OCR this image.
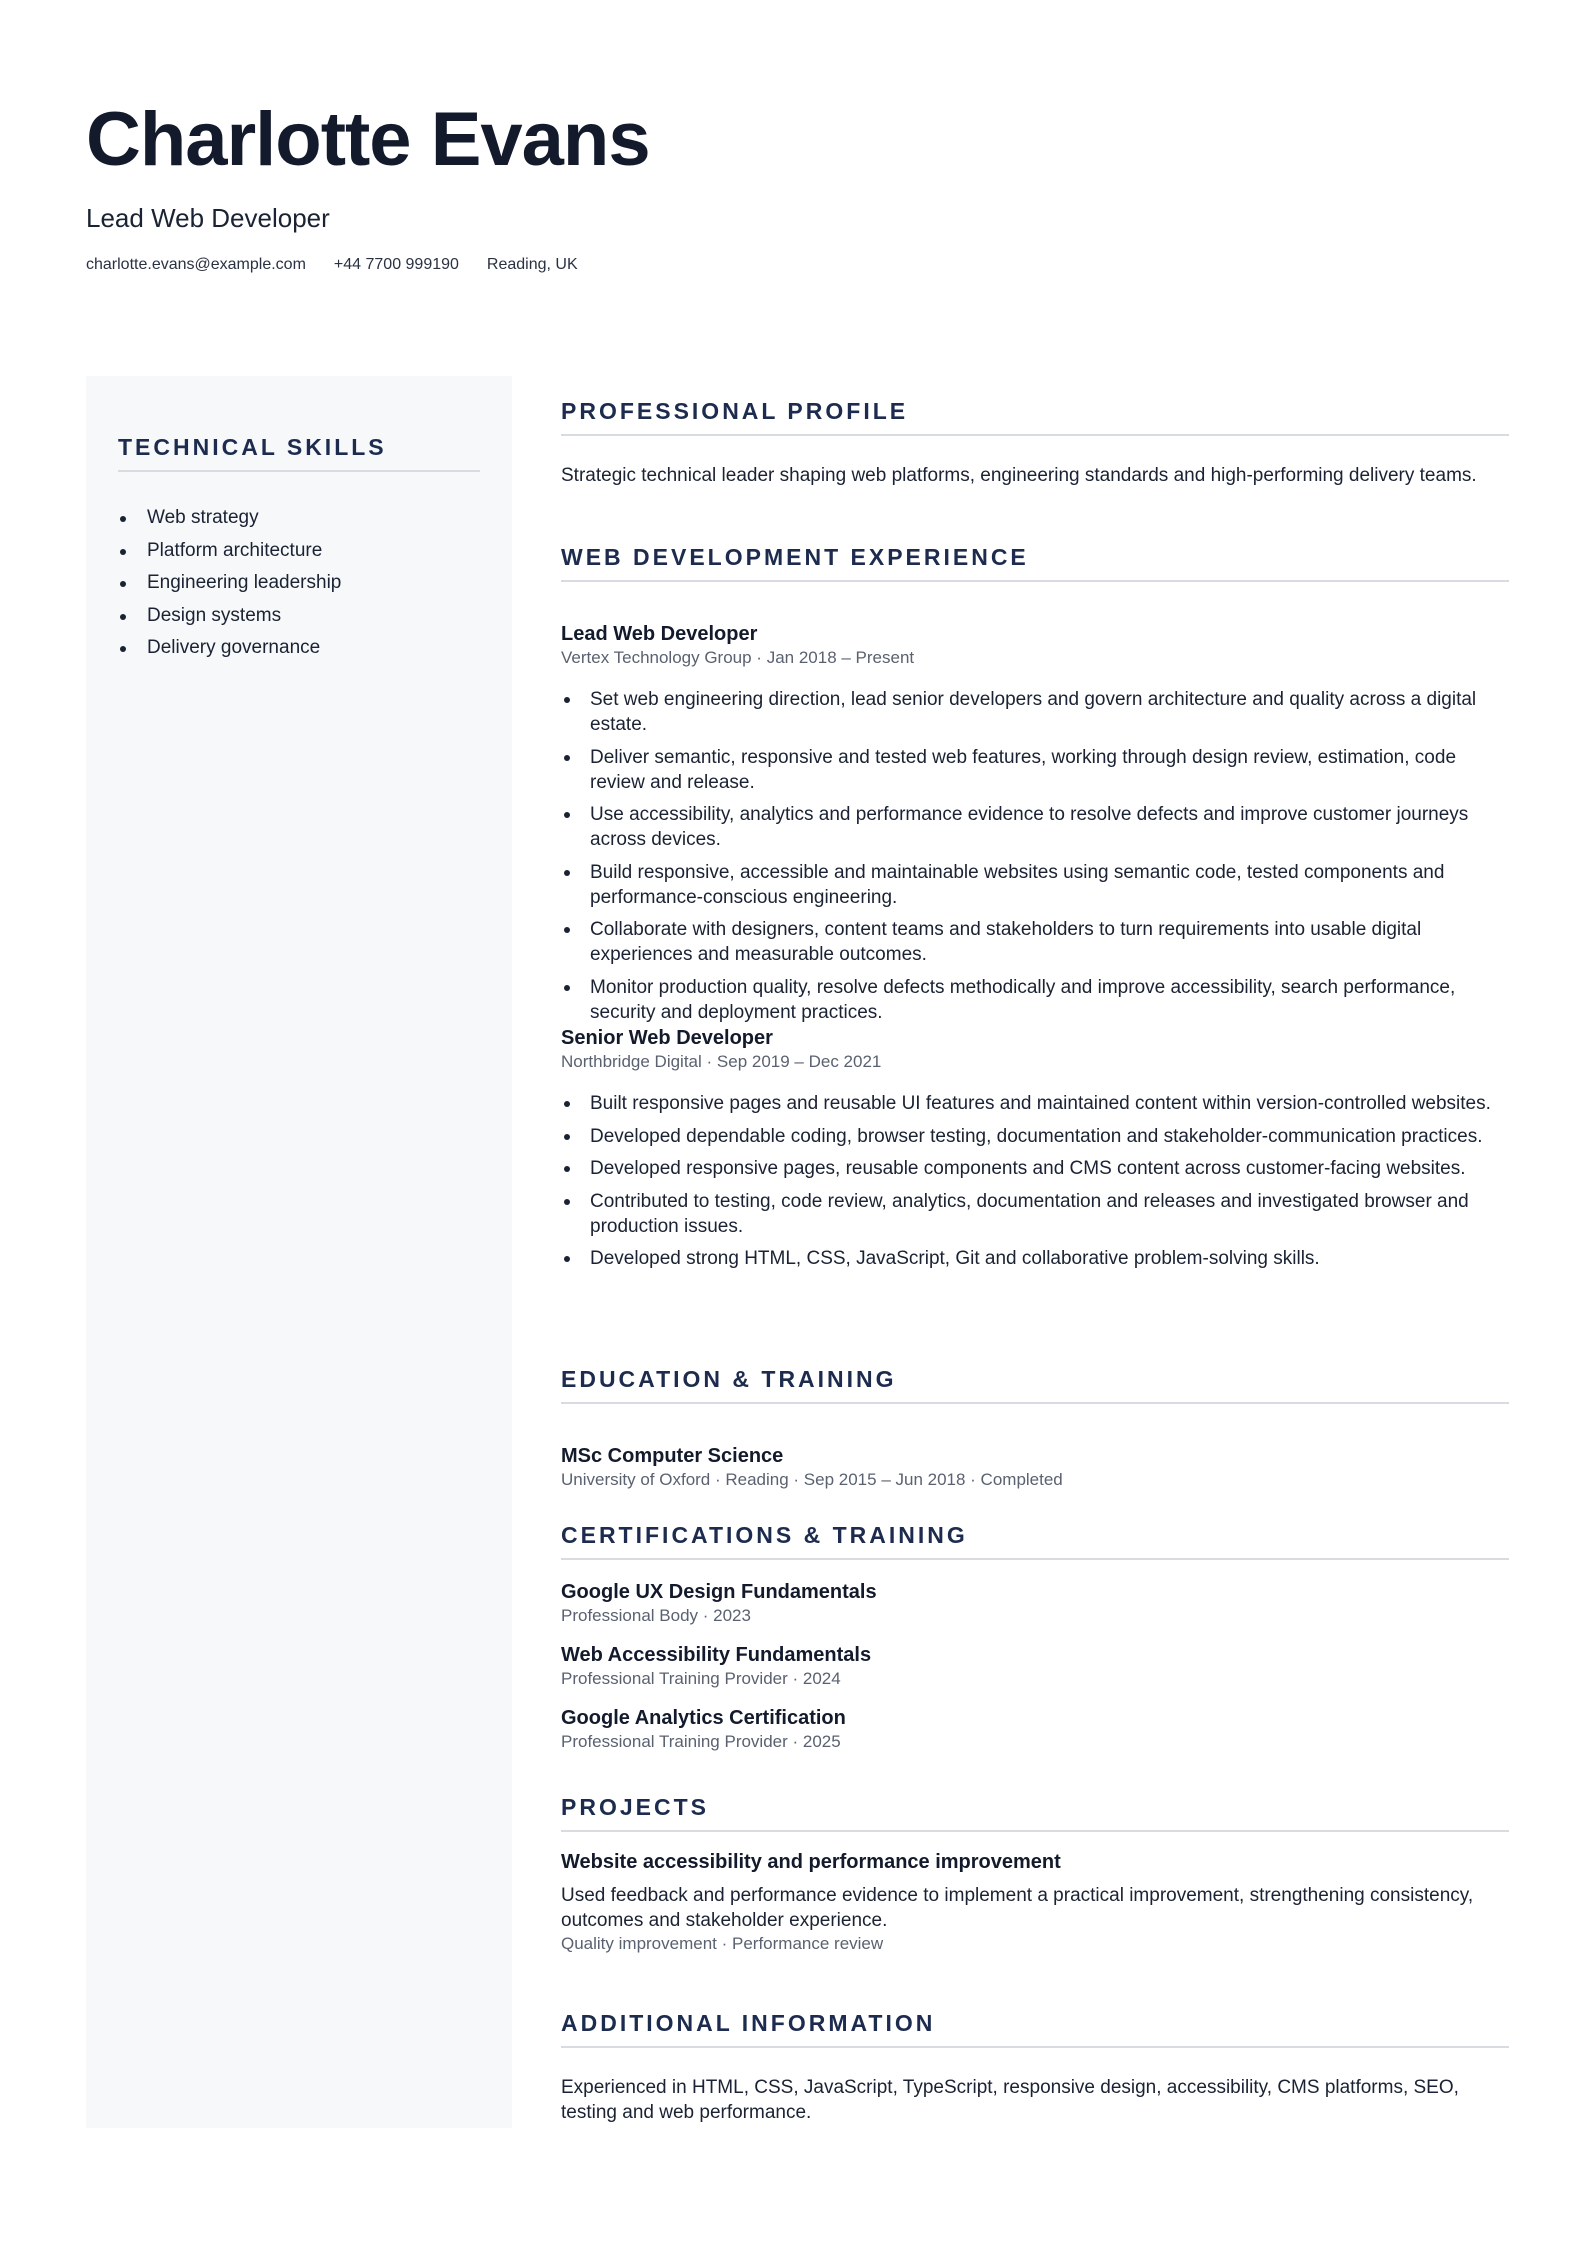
Charlotte Evans
Lead Web Developer
charlotte.evans@example.com +44 7700 999190 Reading, UK
TECHNICAL SKILLS
Web strategy
Platform architecture
Engineering leadership
Design systems
Delivery governance
PROFESSIONAL PROFILE
Strategic technical leader shaping web platforms, engineering standards and high-performing delivery teams.
WEB DEVELOPMENT EXPERIENCE
Lead Web Developer
Vertex Technology Group · Jan 2018 – Present
Set web engineering direction, lead senior developers and govern architecture and quality across a digital estate.
Deliver semantic, responsive and tested web features, working through design review, estimation, code review and release.
Use accessibility, analytics and performance evidence to resolve defects and improve customer journeys across devices.
Build responsive, accessible and maintainable websites using semantic code, tested components and performance-conscious engineering.
Collaborate with designers, content teams and stakeholders to turn requirements into usable digital experiences and measurable outcomes.
Monitor production quality, resolve defects methodically and improve accessibility, search performance, security and deployment practices.
Senior Web Developer
Northbridge Digital · Sep 2019 – Dec 2021
Built responsive pages and reusable UI features and maintained content within version-controlled websites.
Developed dependable coding, browser testing, documentation and stakeholder-communication practices.
Developed responsive pages, reusable components and CMS content across customer-facing websites.
Contributed to testing, code review, analytics, documentation and releases and investigated browser and production issues.
Developed strong HTML, CSS, JavaScript, Git and collaborative problem-solving skills.
EDUCATION & TRAINING
MSc Computer Science
University of Oxford · Reading · Sep 2015 – Jun 2018 · Completed
CERTIFICATIONS & TRAINING
Google UX Design Fundamentals
Professional Body · 2023
Web Accessibility Fundamentals
Professional Training Provider · 2024
Google Analytics Certification
Professional Training Provider · 2025
PROJECTS
Website accessibility and performance improvement
Used feedback and performance evidence to implement a practical improvement, strengthening consistency, outcomes and stakeholder experience.
Quality improvement · Performance review
ADDITIONAL INFORMATION
Experienced in HTML, CSS, JavaScript, TypeScript, responsive design, accessibility, CMS platforms, SEO, testing and web performance.
